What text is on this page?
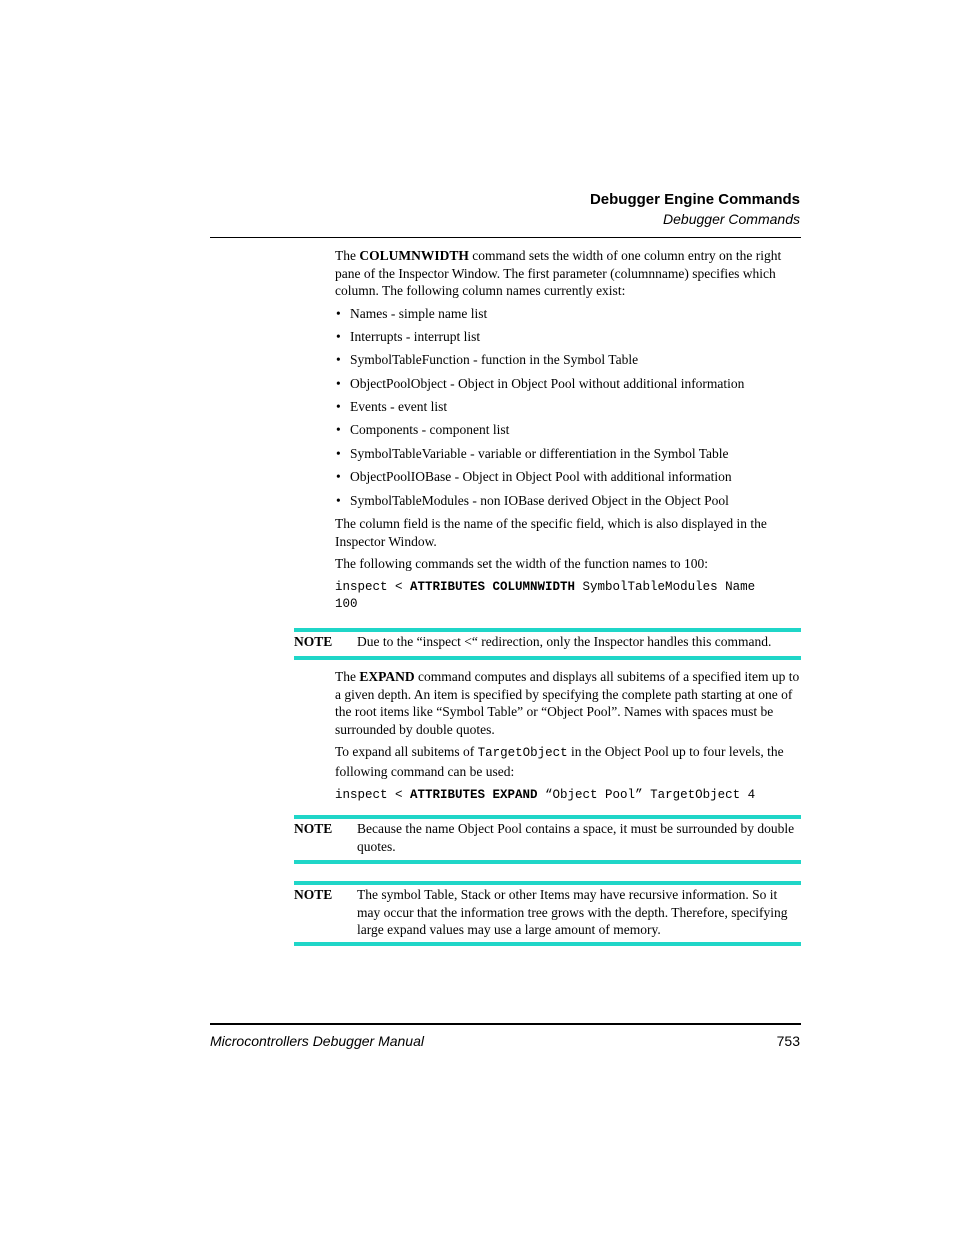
Debugger Engine Commands
Debugger Commands

The COLUMNWIDTH command sets the width of one column entry on the right pane of the Inspector Window. The first parameter (columnname) specifies which column. The following column names currently exist:

• Names - simple name list
• Interrupts - interrupt list
• SymbolTableFunction - function in the Symbol Table
• ObjectPoolObject - Object in Object Pool without additional information
• Events - event list
• Components - component list
• SymbolTableVariable - variable or differentiation in the Symbol Table
• ObjectPoolIOBase - Object in Object Pool with additional information
• SymbolTableModules - non IOBase derived Object in the Object Pool

The column field is the name of the specific field, which is also displayed in the Inspector Window.

The following commands set the width of the function names to 100:

inspect < ATTRIBUTES COLUMNWIDTH SymbolTableModules Name
100
NOTE Due to the “inspect <“ redirection, only the Inspector handles this command.

The EXPAND command computes and displays all subitems of a specified item up to a given depth. An item is specified by specifying the complete path starting at one of the root items like “Symbol Table” or “Object Pool”. Names with spaces must be surrounded by double quotes.

To expand all subitems of TargetObject in the Object Pool up to four levels, the following command can be used:

inspect < ATTRIBUTES EXPAND “Object Pool” TargetObject 4
NOTE Because the name Object Pool contains a space, it must be surrounded by double quotes.
NOTE The symbol Table, Stack or other Items may have recursive information. So it may occur that the information tree grows with the depth. Therefore, specifying large expand values may use a large amount of memory.
Microcontrollers Debugger Manual	753
